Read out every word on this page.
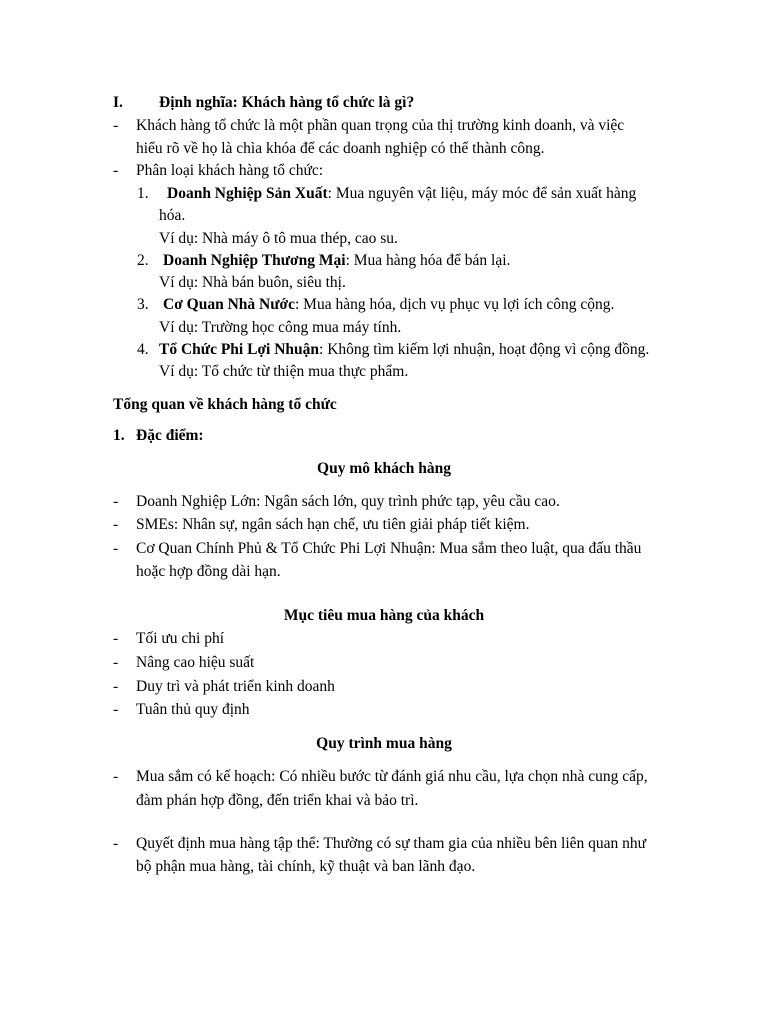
I. Định nghĩa: Khách hàng tổ chức là gì?
- Khách hàng tổ chức là một phần quan trọng của thị trường kinh doanh, và việc
hiểu rõ về họ là chìa khóa để các doanh nghiệp có thể thành công.
- Phân loại khách hàng tổ chức:
1. Doanh Nghiệp Sản Xuất: Mua nguyên vật liệu, máy móc để sản xuất hàng
hóa.
Ví dụ: Nhà máy ô tô mua thép, cao su.
2. Doanh Nghiệp Thương Mại: Mua hàng hóa để bán lại.
Ví dụ: Nhà bán buôn, siêu thị.
3. Cơ Quan Nhà Nước: Mua hàng hóa, dịch vụ phục vụ lợi ích công cộng.
Ví dụ: Trường học công mua máy tính.
4. Tổ Chức Phi Lợi Nhuận: Không tìm kiếm lợi nhuận, hoạt động vì cộng đồng.
Ví dụ: Tổ chức từ thiện mua thực phẩm.
Tổng quan về khách hàng tổ chức
1. Đặc điểm:
Quy mô khách hàng
- Doanh Nghiệp Lớn: Ngân sách lớn, quy trình phức tạp, yêu cầu cao.
- SMEs: Nhân sự, ngân sách hạn chế, ưu tiên giải pháp tiết kiệm.
- Cơ Quan Chính Phủ & Tổ Chức Phi Lợi Nhuận: Mua sắm theo luật, qua đấu thầu
hoặc hợp đồng dài hạn.
Mục tiêu mua hàng của khách
- Tối ưu chi phí
- Nâng cao hiệu suất
- Duy trì và phát triển kinh doanh
- Tuân thủ quy định
Quy trình mua hàng
- Mua sắm có kế hoạch: Có nhiều bước từ đánh giá nhu cầu, lựa chọn nhà cung cấp,
đàm phán hợp đồng, đến triển khai và bảo trì.
- Quyết định mua hàng tập thể: Thường có sự tham gia của nhiều bên liên quan như
bộ phận mua hàng, tài chính, kỹ thuật và ban lãnh đạo.
